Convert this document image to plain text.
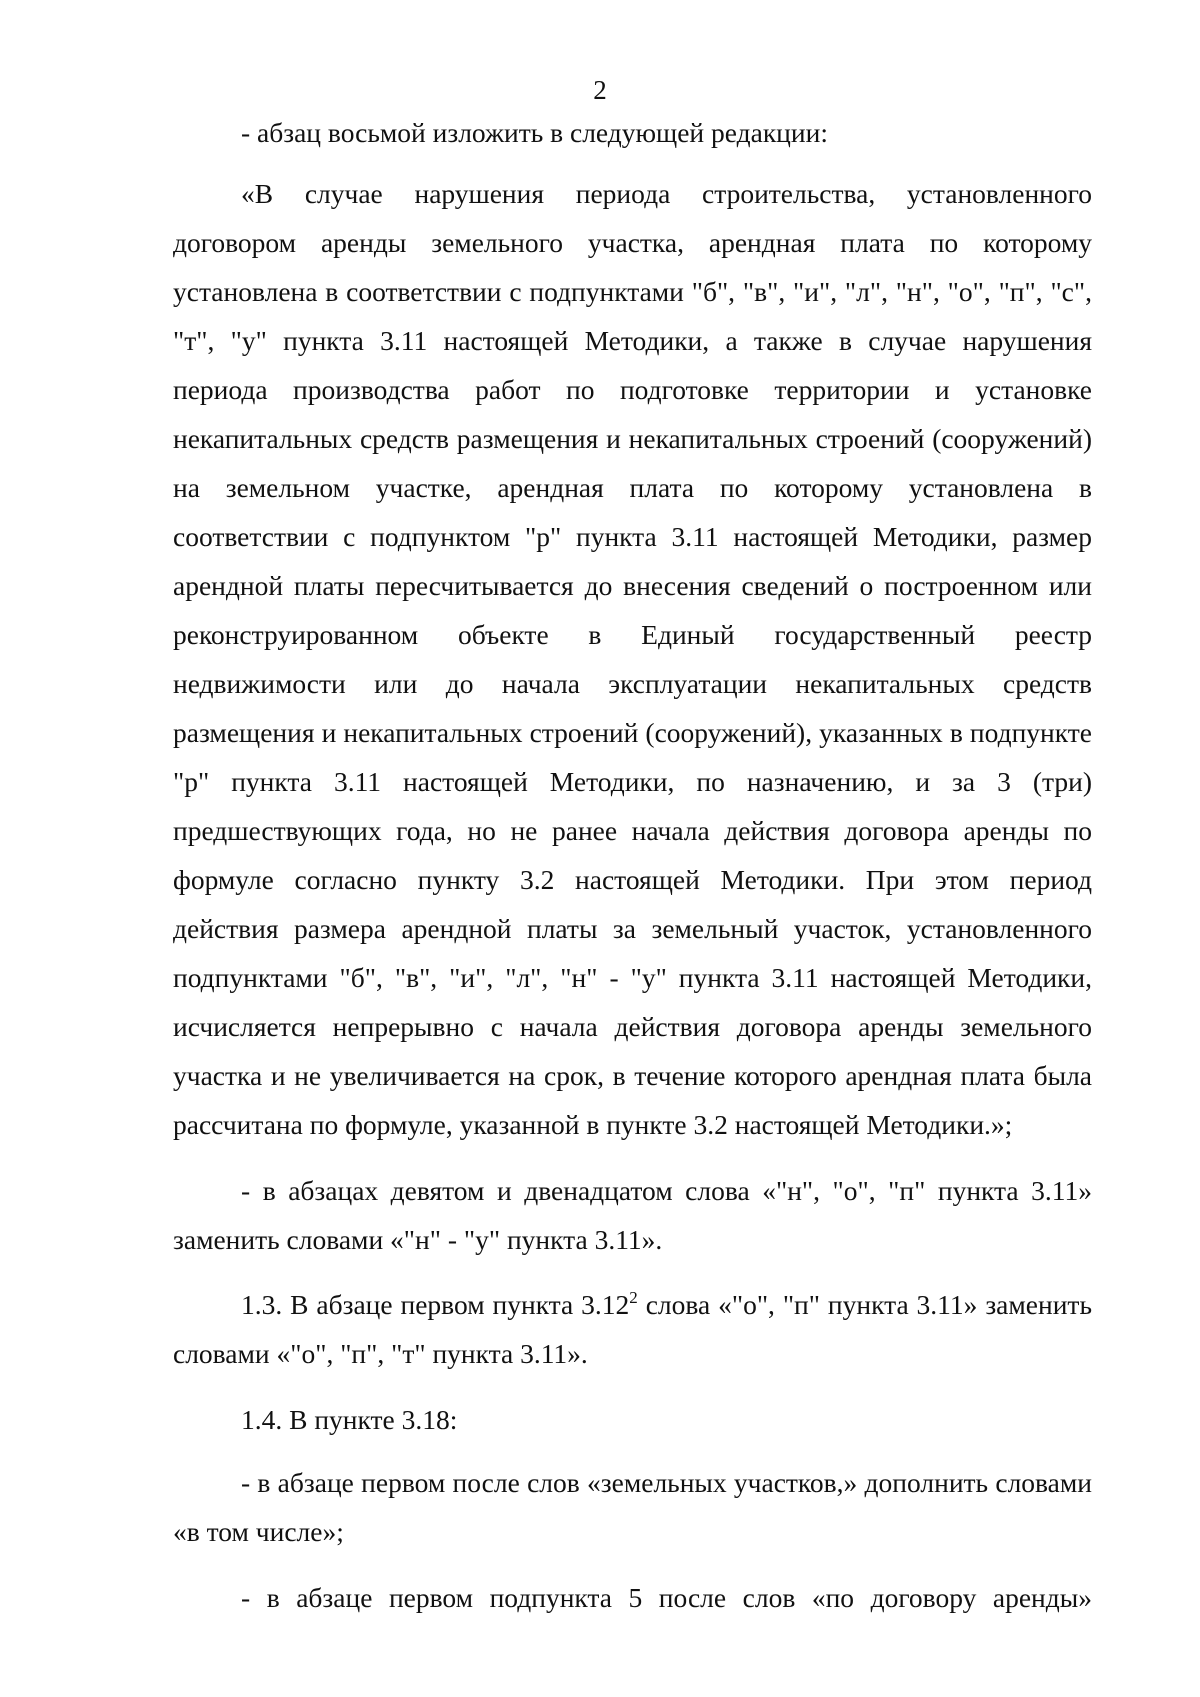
2

- абзац восьмой изложить в следующей редакции:

«В случае нарушения периода строительства, установленного договором аренды земельного участка, арендная плата по которому установлена в соответствии с подпунктами "б", "в", "и", "л", "н", "о", "п", "с", "т", "у" пункта 3.11 настоящей Методики, а также в случае нарушения периода производства работ по подготовке территории и установке некапитальных средств размещения и некапитальных строений (сооружений) на земельном участке, арендная плата по которому установлена в соответствии с подпунктом "р" пункта 3.11 настоящей Методики, размер арендной платы пересчитывается до внесения сведений о построенном или реконструированном объекте в Единый государственный реестр недвижимости или до начала эксплуатации некапитальных средств размещения и некапитальных строений (сооружений), указанных в подпункте "р" пункта 3.11 настоящей Методики, по назначению, и за 3 (три) предшествующих года, но не ранее начала действия договора аренды по формуле согласно пункту 3.2 настоящей Методики. При этом период действия размера арендной платы за земельный участок, установленного подпунктами "б", "в", "и", "л", "н" - "у" пункта 3.11 настоящей Методики, исчисляется непрерывно с начала действия договора аренды земельного участка и не увеличивается на срок, в течение которого арендная плата была рассчитана по формуле, указанной в пункте 3.2 настоящей Методики.»;

- в абзацах девятом и двенадцатом слова «"н", "о", "п" пункта 3.11» заменить словами «"н" - "у" пункта 3.11».

1.3. В абзаце первом пункта 3.12$^2$ слова «"о", "п" пункта 3.11» заменить словами «"о", "п", "т" пункта 3.11».

1.4. В пункте 3.18:

- в абзаце первом после слов «земельных участков,» дополнить словами «в том числе»;

- в абзаце первом подпункта 5 после слов «по договору аренды»
